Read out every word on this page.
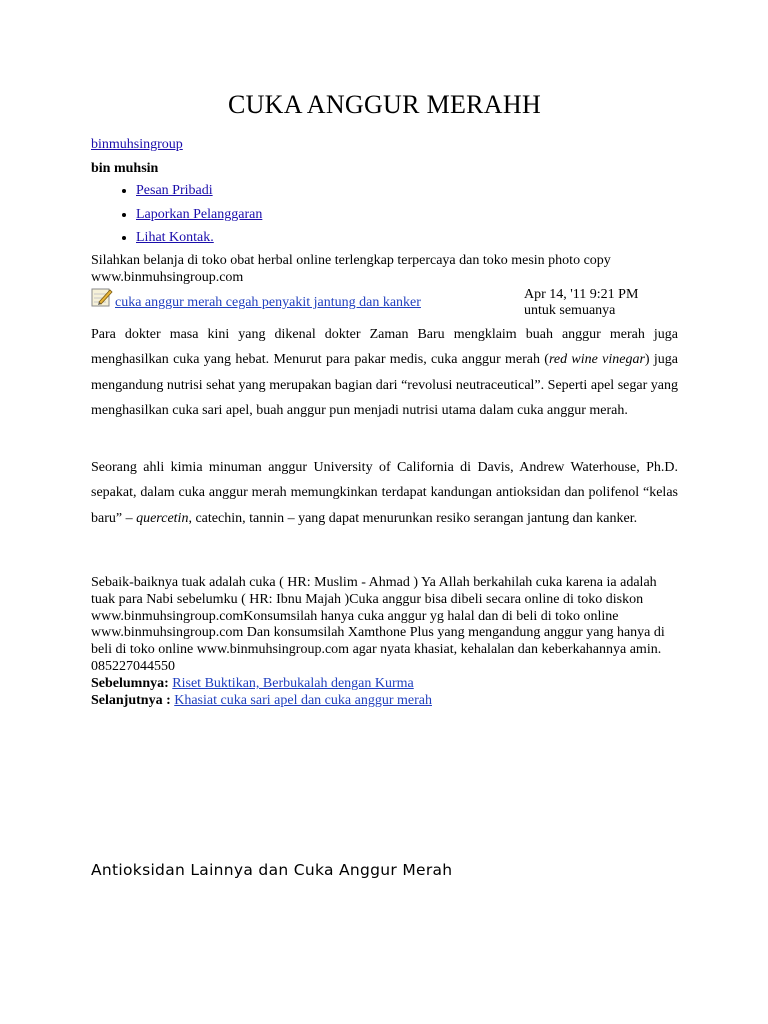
CUKA ANGGUR MERAHH
binmuhsingroup
bin muhsin
• Pesan Pribadi
• Laporkan Pelanggaran
• Lihat Kontak.
Silahkan belanja di toko obat herbal online terlengkap terpercaya dan toko mesin photo copy www.binmuhsingroup.com
cuka anggur merah cegah penyakit jantung dan kanker
Apr 14, '11 9:21 PM
untuk semuanya

Para dokter masa kini yang dikenal dokter Zaman Baru mengklaim buah anggur merah juga menghasilkan cuka yang hebat. Menurut para pakar medis, cuka anggur merah (red wine vinegar) juga mengandung nutrisi sehat yang merupakan bagian dari “revolusi neutraceutical”. Seperti apel segar yang menghasilkan cuka sari apel, buah anggur pun menjadi nutrisi utama dalam cuka anggur merah.

Seorang ahli kimia minuman anggur University of California di Davis, Andrew Waterhouse, Ph.D. sepakat, dalam cuka anggur merah memungkinkan terdapat kandungan antioksidan dan polifenol “kelas baru” – quercetin, catechin, tannin – yang dapat menurunkan resiko serangan jantung dan kanker.

Sebaik-baiknya tuak adalah cuka ( HR: Muslim - Ahmad ) Ya Allah berkahilah cuka karena ia adalah tuak para Nabi sebelumku ( HR: Ibnu Majah )Cuka anggur bisa dibeli secara online di toko diskon www.binmuhsingroup.comKonsumsilah hanya cuka anggur yg halal dan di beli di toko online www.binmuhsingroup.com Dan konsumsilah Xamthone Plus yang mengandung anggur yang hanya di beli di toko online www.binmuhsingroup.com agar nyata khasiat, kehalalan dan keberkahannya amin. 085227044550
Sebelumnya: Riset Buktikan, Berbukalah dengan Kurma
Selanjutnya : Khasiat cuka sari apel dan cuka anggur merah
Antioksidan Lainnya dan Cuka Anggur Merah
